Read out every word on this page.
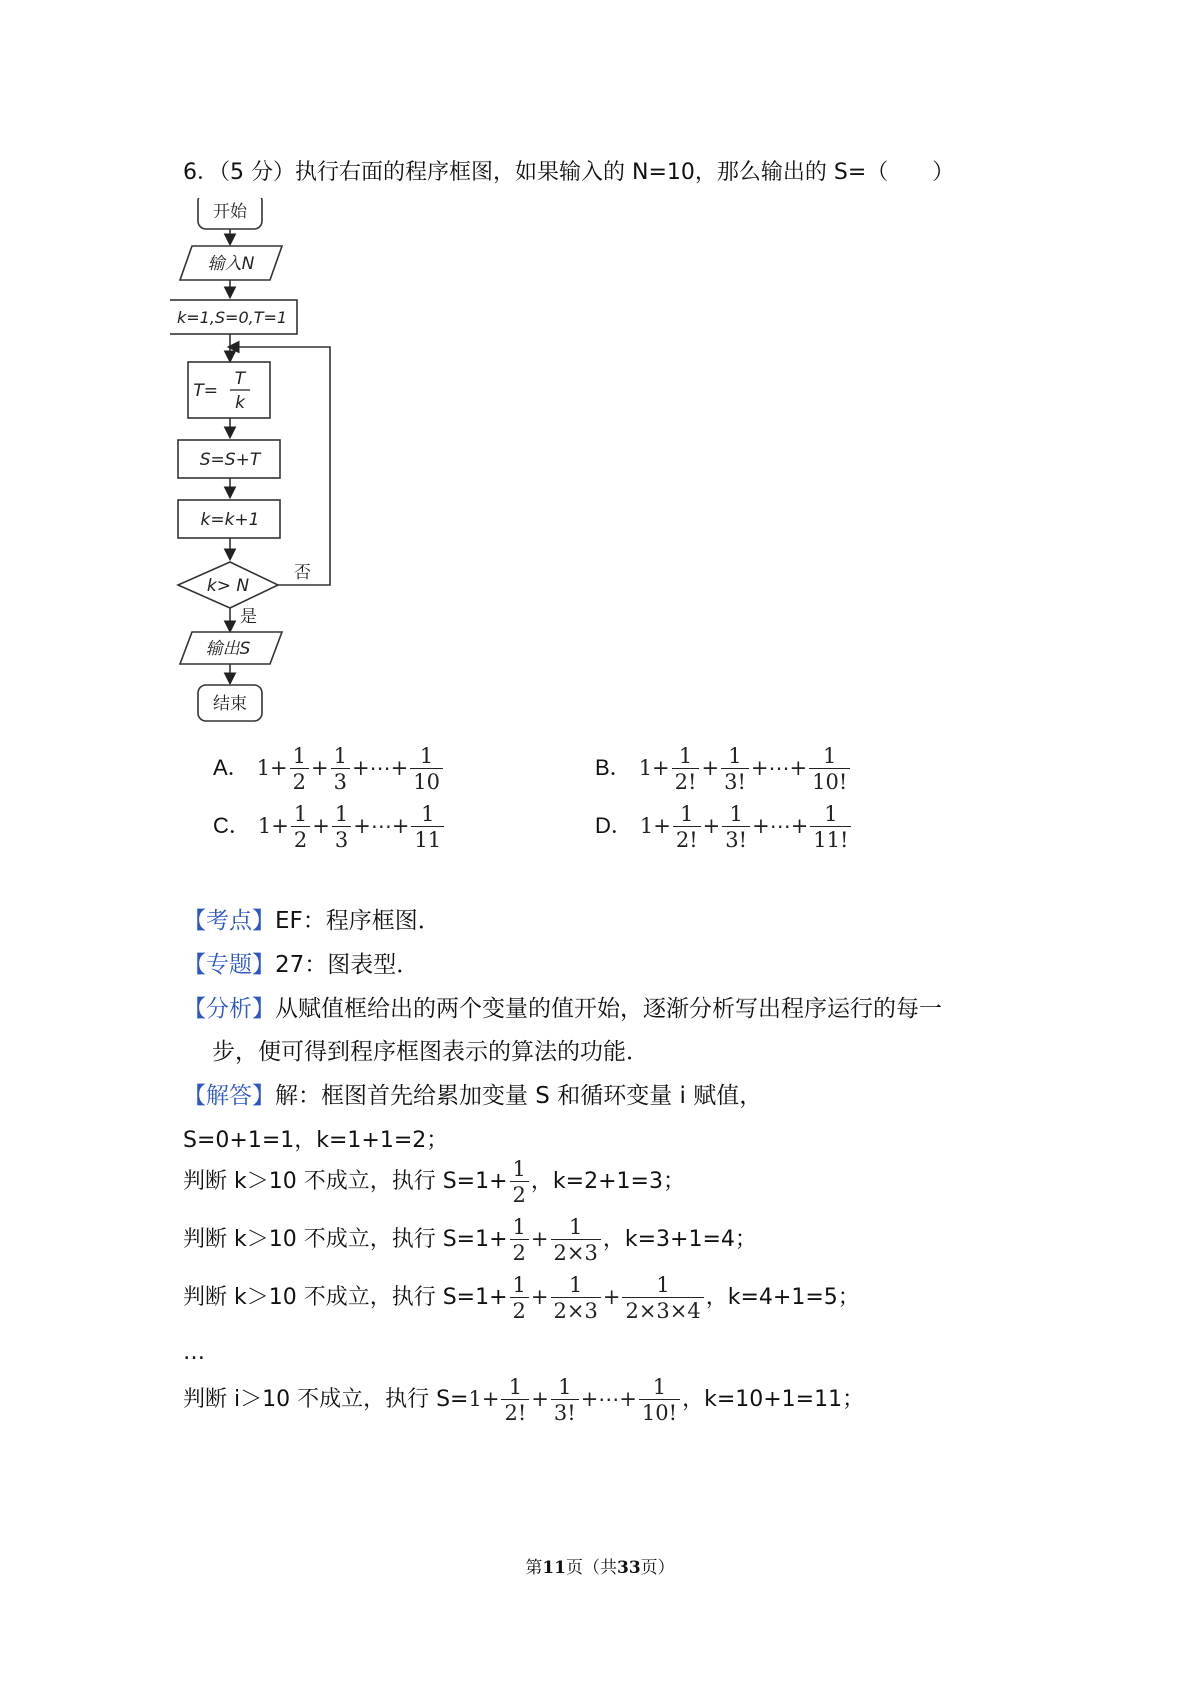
6．（5 分）执行右面的程序框图，如果输入的 N=10，那么输出的 S=（　　）
开始
输入N
k=1,S=0,T=1
T=
T
k
S=S+T
k=k+1
k> N
否
是
输出S
结束
A． $1+ \frac{1}{2} + \frac{1}{3}$ +⋯+ $\frac{1}{10}$	B． $1+ \frac{1}{2!} + \frac{1}{3!}$ +⋯+ $\frac{1}{10!}$
C． $1+ \frac{1}{2} + \frac{1}{3}$ +⋯+ $\frac{1}{11}$	D． $1+ \frac{1}{2!} + \frac{1}{3!}$ +⋯+ $\frac{1}{11!}$
【考点】EF：程序框图．
【专题】27：图表型．
【分析】从赋值框给出的两个变量的值开始，逐渐分析写出程序运行的每一
步，便可得到程序框图表示的算法的功能．
【解答】解：框图首先给累加变量 S 和循环变量 i 赋值，
S=0+1=1，k=1+1=2；
判断 k＞10 不成立，执行 $S=1+ \frac{1}{2}$ ，k=2+1=3；
判断 k＞10 不成立，执行 $S=1+ \frac{1}{2} + \frac{1}{2\times 3}$ ，k=3+1=4；
判断 k＞10 不成立，执行 $S=1+ \frac{1}{2} + \frac{1}{2\times 3} + \frac{1}{2\times 3\times 4}$ ，k=4+1=5；
…
判断 i＞10 不成立，执行 $S=1+ \frac{1}{2!} + \frac{1}{3!}$ +⋯+ $\frac{1}{10!}$ ，k=10+1=11；
第11页（共33页）
